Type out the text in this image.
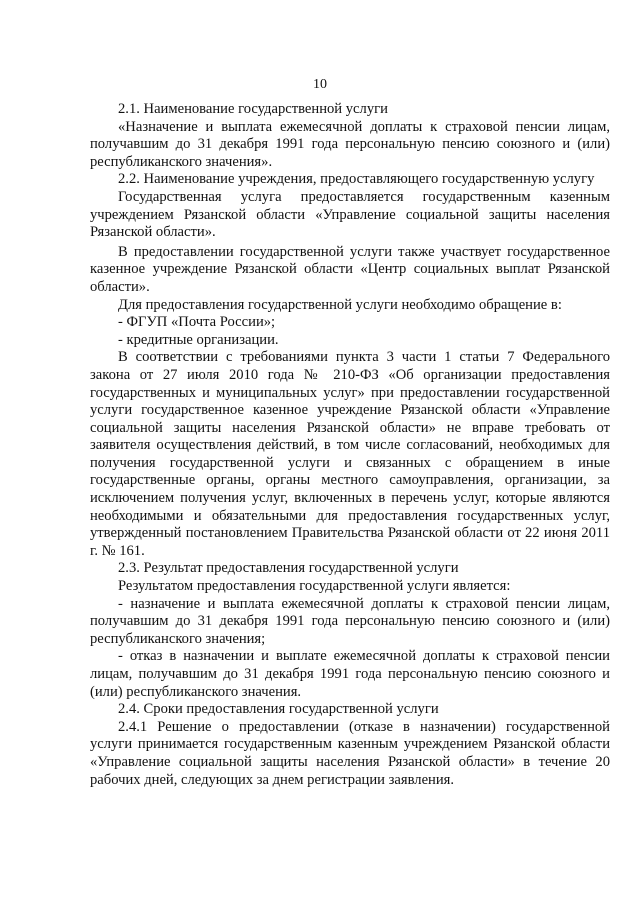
10
2.1. Наименование государственной услуги
«Назначение и выплата ежемесячной доплаты к страховой пенсии лицам,
получавшим до 31 декабря 1991 года персональную пенсию союзного и (или)
республиканского значения».
2.2. Наименование учреждения, предоставляющего государственную услугу
Государственная услуга предоставляется государственным казенным
учреждением Рязанской области «Управление социальной защиты населения
Рязанской области».
В предоставлении государственной услуги также участвует государственное
казенное учреждение Рязанской области «Центр социальных выплат Рязанской
области».
Для предоставления государственной услуги необходимо обращение в:
- ФГУП «Почта России»;
- кредитные организации.
В соответствии с требованиями пункта 3 части 1 статьи 7 Федерального
закона от 27 июля 2010 года № 210-ФЗ «Об организации предоставления
государственных и муниципальных услуг» при предоставлении государственной
услуги государственное казенное учреждение Рязанской области «Управление
социальной защиты населения Рязанской области» не вправе требовать от
заявителя осуществления действий, в том числе согласований, необходимых для
получения государственной услуги и связанных с обращением в иные
государственные органы, органы местного самоуправления, организации, за
исключением получения услуг, включенных в перечень услуг, которые являются
необходимыми и обязательными для предоставления государственных услуг,
утвержденный постановлением Правительства Рязанской области от 22 июня 2011
г. № 161.
2.3. Результат предоставления государственной услуги
Результатом предоставления государственной услуги является:
- назначение и выплата ежемесячной доплаты к страховой пенсии лицам,
получавшим до 31 декабря 1991 года персональную пенсию союзного и (или)
республиканского значения;
- отказ в назначении и выплате ежемесячной доплаты к страховой пенсии
лицам, получавшим до 31 декабря 1991 года персональную пенсию союзного и
(или) республиканского значения.
2.4. Сроки предоставления государственной услуги
2.4.1 Решение о предоставлении (отказе в назначении) государственной
услуги принимается государственным казенным учреждением Рязанской области
«Управление социальной защиты населения Рязанской области» в течение 20
рабочих дней, следующих за днем регистрации заявления.
